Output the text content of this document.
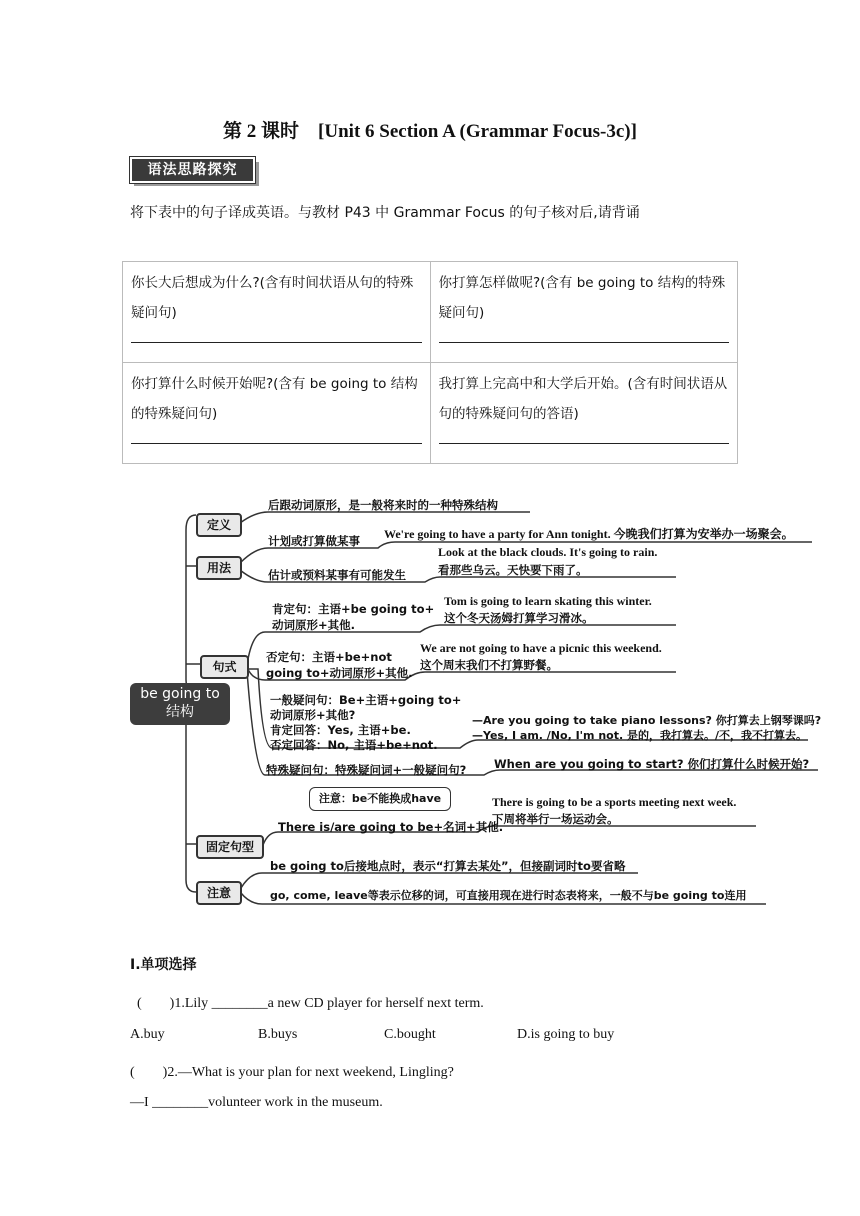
第 2 课时　[Unit 6 Section A (Grammar Focus-3c)]
语法思路探究
将下表中的句子译成英语。与教材 P43 中 Grammar Focus 的句子核对后,请背诵
你长大后想成为什么?(含有时间状语从句的特殊疑问句)	你打算怎样做呢?(含有 be going to 结构的特殊疑问句)

你打算什么时候开始呢?(含有 be going to 结构的特殊疑问句)	我打算上完高中和大学后开始。(含有时间状语从句的特殊疑问句的答语)
be going to
结构
定义
用法
句式
固定句型
注意
后跟动词原形，是一般将来时的一种特殊结构
计划或打算做某事 We're going to have a party for Ann tonight. 今晚我们打算为安举办一场聚会。
估计或预料某事有可能发生
Look at the black clouds. It's going to rain.
看那些乌云。天快要下雨了。
肯定句：主语+be going to+
动词原形+其他.
Tom is going to learn skating this winter.
这个冬天汤姆打算学习滑冰。
否定句：主语+be+not
going to+动词原形+其他.
We are not going to have a picnic this weekend.
这个周末我们不打算野餐。
一般疑问句：Be+主语+going to+
动词原形+其他?
肯定回答：Yes, 主语+be.
否定回答：No, 主语+be+not.
—Are you going to take piano lessons? 你打算去上钢琴课吗?
—Yes, I am. /No, I'm not. 是的，我打算去。/不，我不打算去。
特殊疑问句：特殊疑问词+一般疑问句? When are you going to start? 你们打算什么时候开始?
注意：be不能换成have	There is going to be a sports meeting next week.
下周将举行一场运动会。
There is/are going to be+名词+其他.
be going to后接地点时，表示“打算去某处”，但接副词时to要省略
go, come, leave等表示位移的词，可直接用现在进行时态表将来，一般不与be going to连用
Ⅰ.单项选择
(　　)1.Lily ________a new CD player for herself next term.
A.buy	B.buys	C.bought	D.is going to buy
(　　)2.—What is your plan for next weekend, Lingling?
—I ________volunteer work in the museum.
